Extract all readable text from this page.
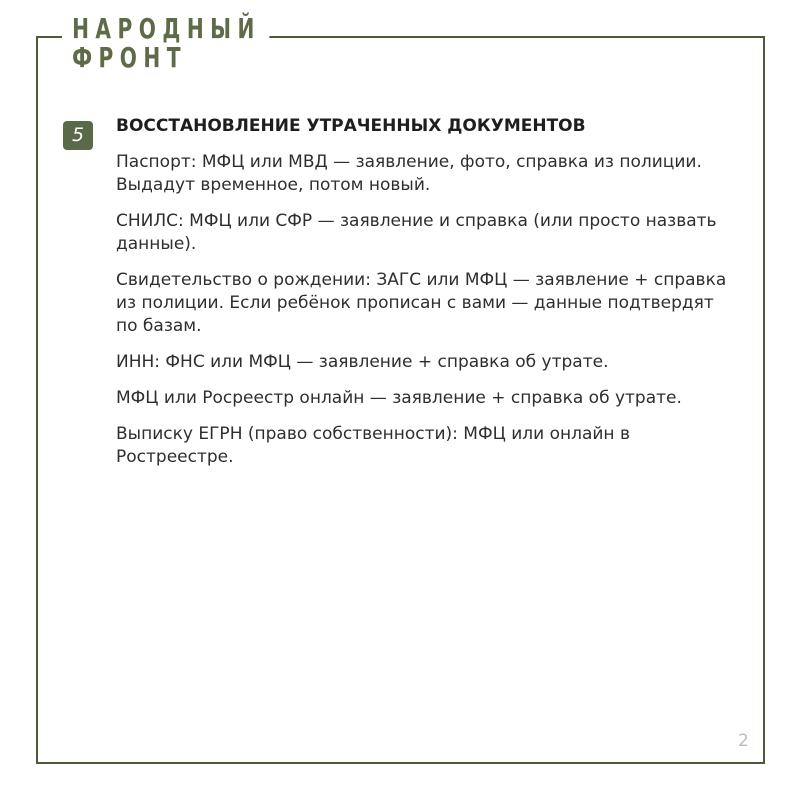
НАРОДНЫЙ
ФРОНТ
5	ВОССТАНОВЛЕНИЕ УТРАЧЕННЫХ ДОКУМЕНТОВ

Паспорт: МФЦ или МВД — заявление, фото, справка из полиции. Выдадут временное, потом новый.

СНИЛС: МФЦ или СФР — заявление и справка (или просто назвать данные).

Свидетельство о рождении: ЗАГС или МФЦ — заявление + справка из полиции. Если ребёнок прописан с вами — данные подтвердят по базам.

ИНН: ФНС или МФЦ — заявление + справка об утрате.

МФЦ или Росреестр онлайн — заявление + справка об утрате.

Выписку ЕГРН (право собственности): МФЦ или онлайн в Ростреестре.

2
